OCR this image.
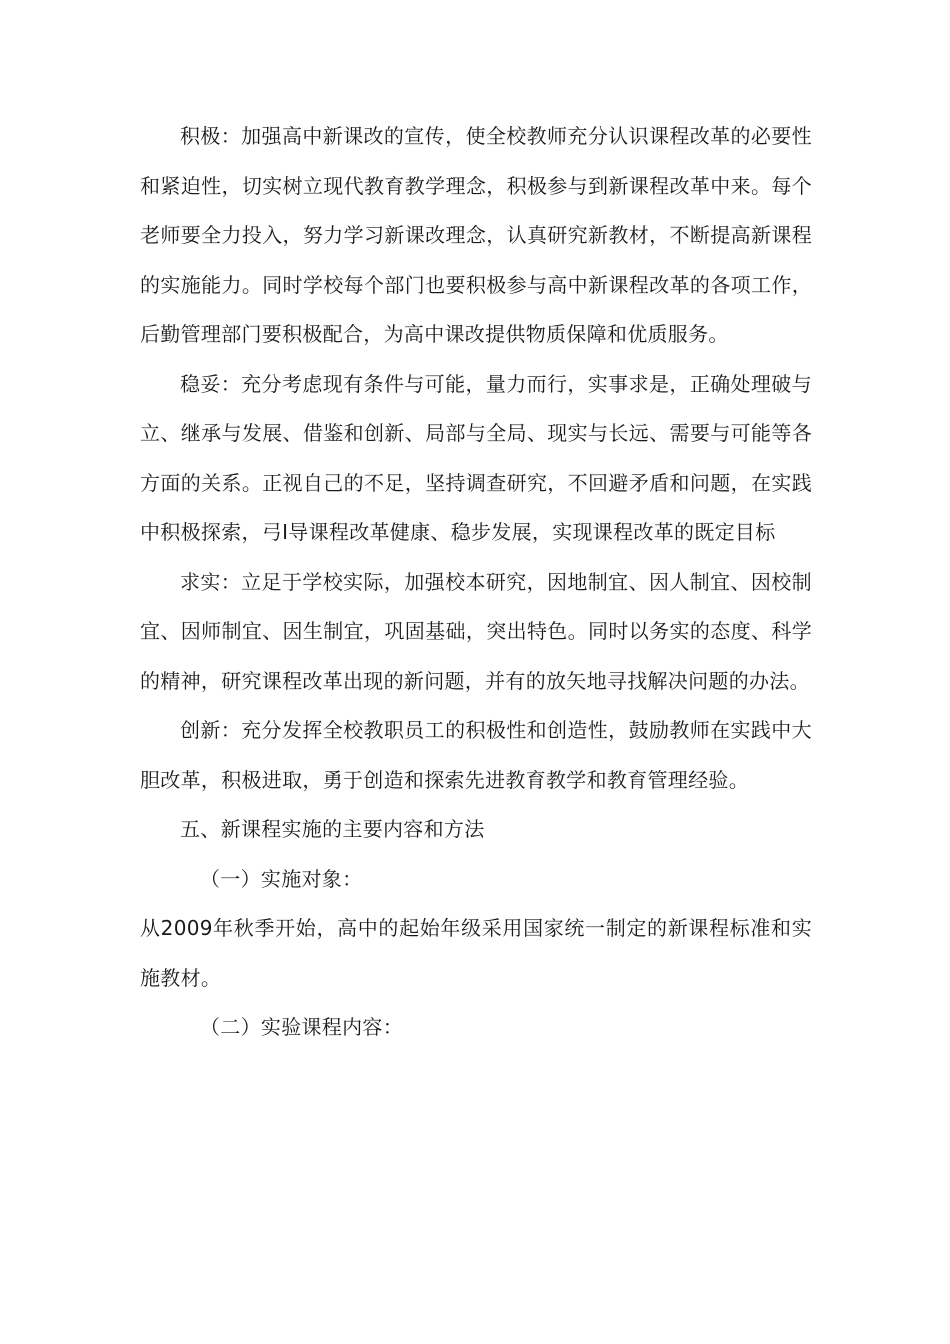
积极：加强高中新课改的宣传，使全校教师充分认识课程改革的必要性和紧迫性，切实树立现代教育教学理念，积极参与到新课程改革中来。每个老师要全力投入，努力学习新课改理念，认真研究新教材，不断提高新课程的实施能力。同时学校每个部门也要积极参与高中新课程改革的各项工作，后勤管理部门要积极配合，为高中课改提供物质保障和优质服务。

稳妥：充分考虑现有条件与可能，量力而行，实事求是，正确处理破与立、继承与发展、借鉴和创新、局部与全局、现实与长远、需要与可能等各方面的关系。正视自己的不足，坚持调查研究，不回避矛盾和问题，在实践中积极探索，弓I导课程改革健康、稳步发展，实现课程改革的既定目标

求实：立足于学校实际，加强校本研究，因地制宜、因人制宜、因校制宜、因师制宜、因生制宜，巩固基础，突出特色。同时以务实的态度、科学的精神，研究课程改革出现的新问题，并有的放矢地寻找解决问题的办法。

创新：充分发挥全校教职员工的积极性和创造性，鼓励教师在实践中大胆改革，积极进取，勇于创造和探索先进教育教学和教育管理经验。

五、新课程实施的主要内容和方法

（一）实施对象：

从2009年秋季开始，高中的起始年级采用国家统一制定的新课程标准和实施教材。

（二）实验课程内容：
